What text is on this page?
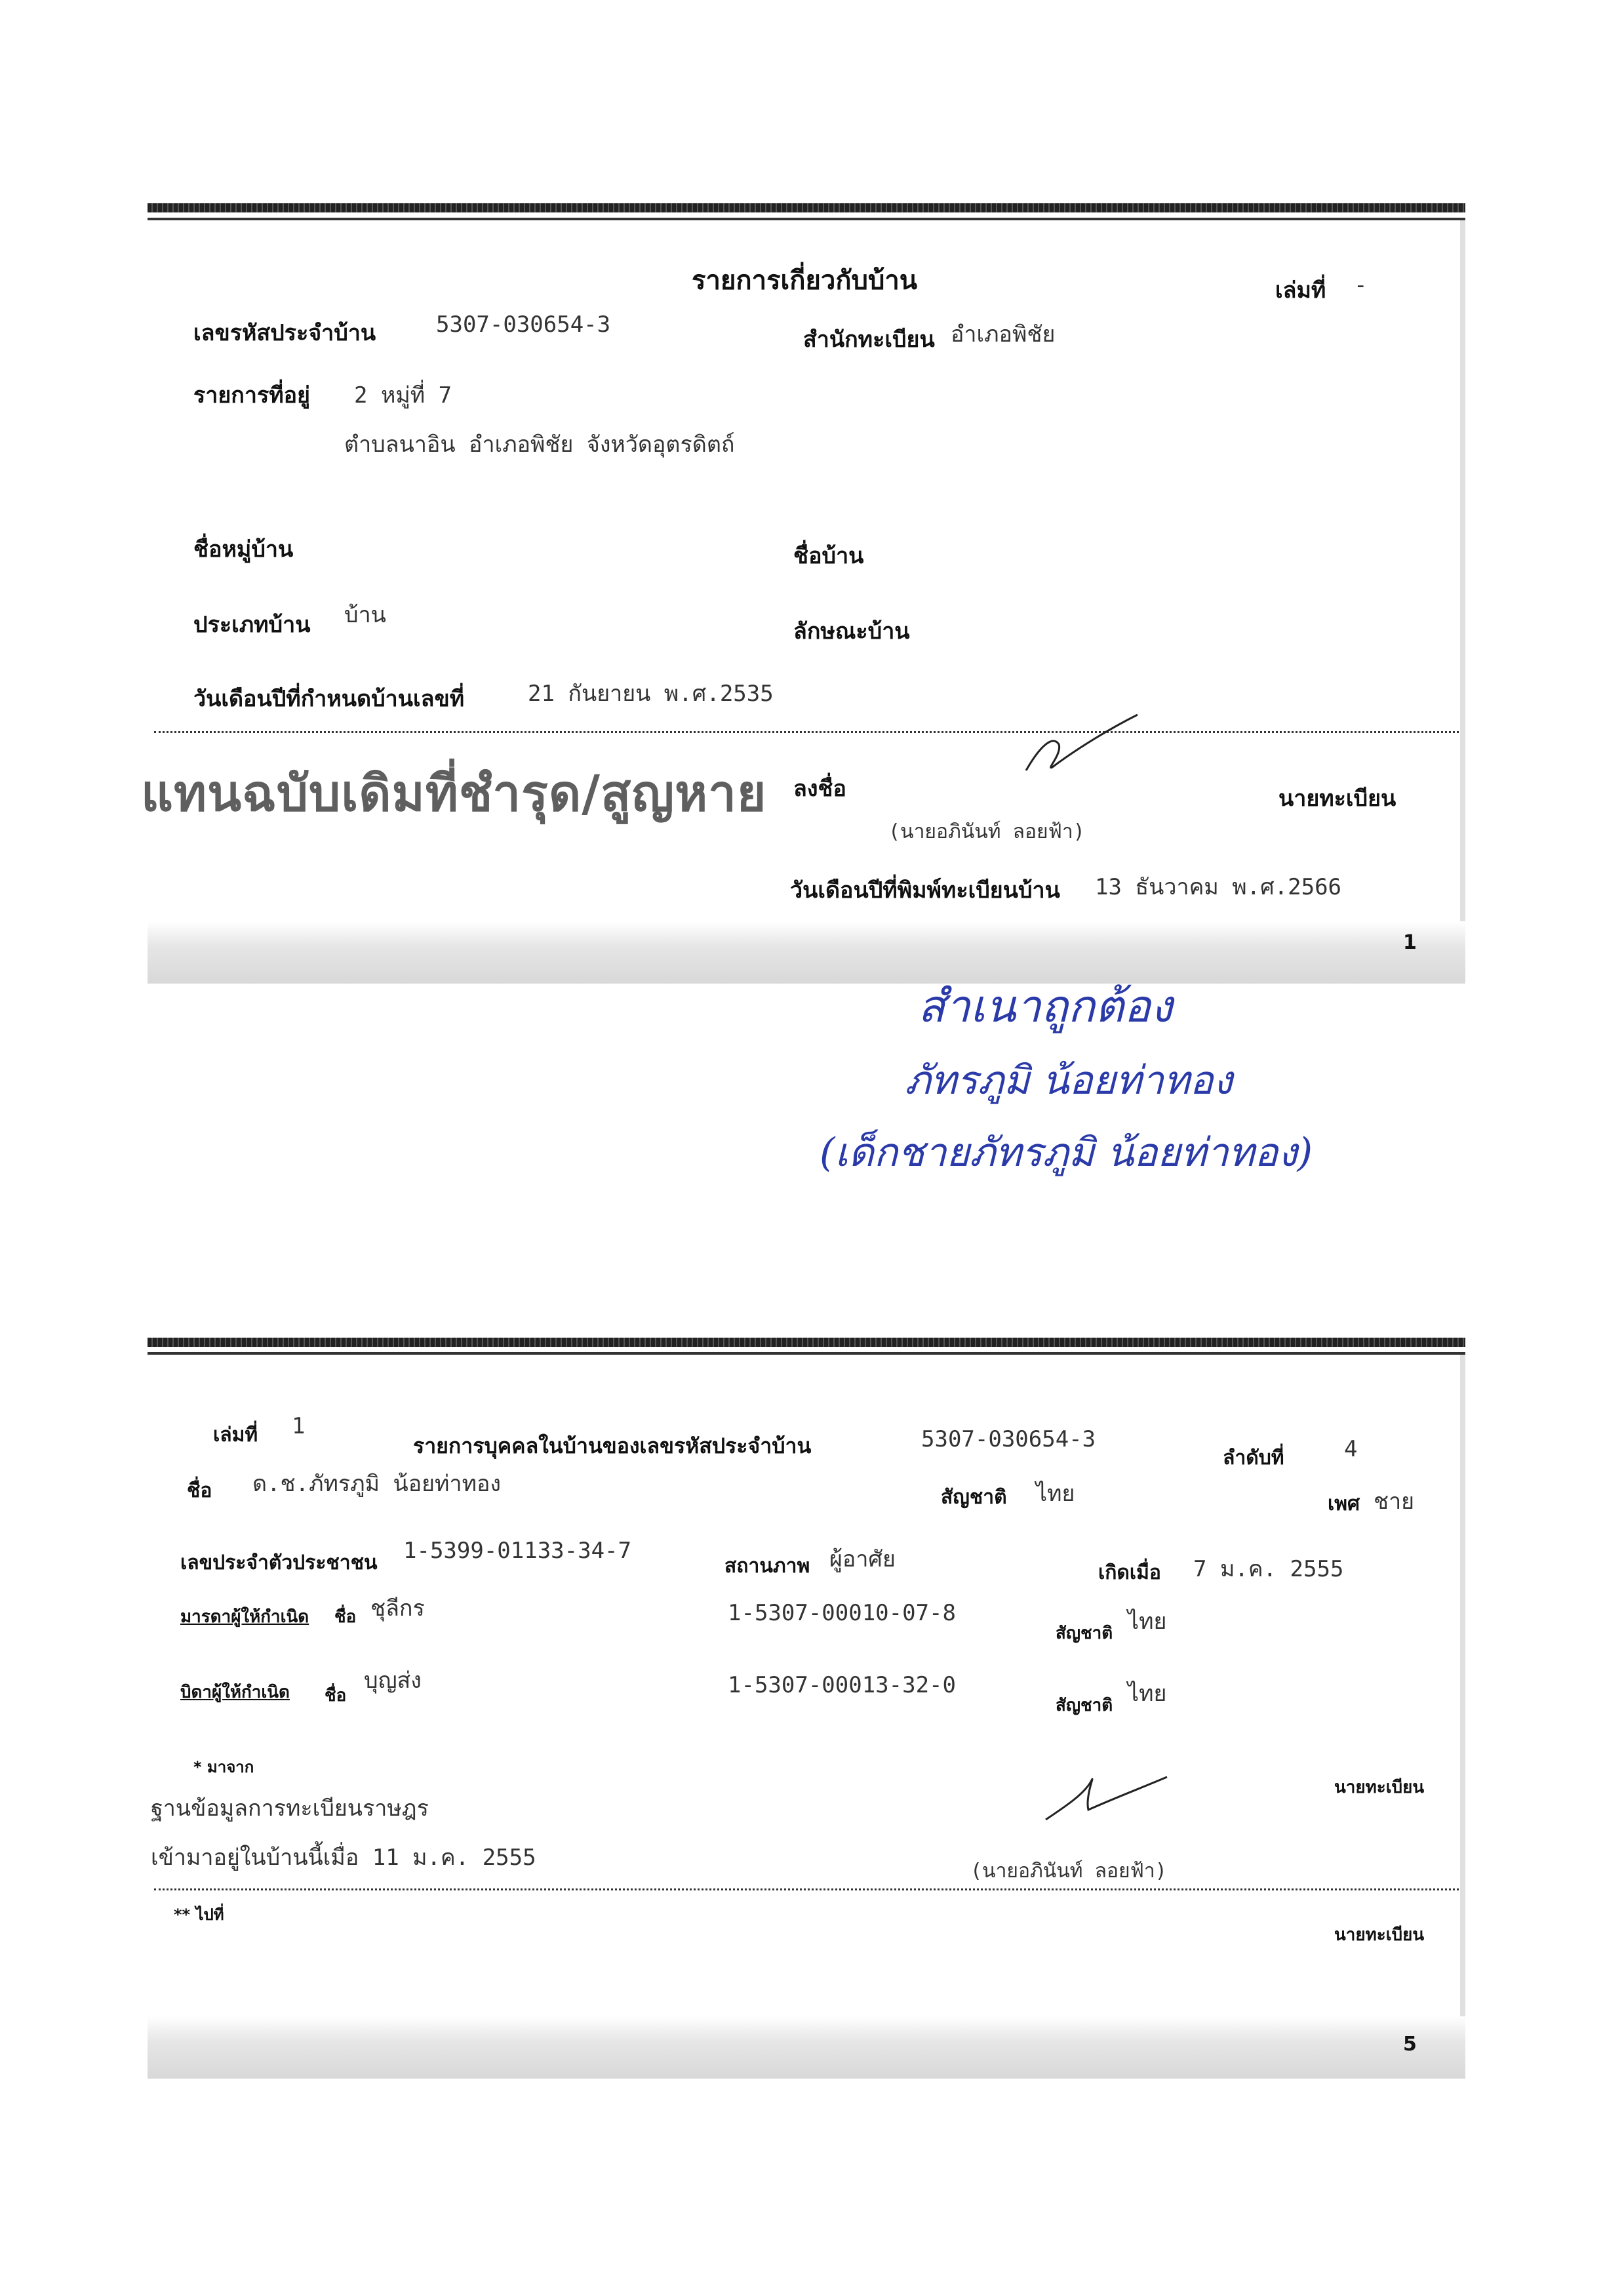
รายการเกี่ยวกับบ้าน	เล่มที่ -
เลขรหัสประจำบ้าน	5307-030654-3
สำนักทะเบียน อำเภอพิชัย
รายการที่อยู่ 2 หมู่ที่ 7
ตำบลนาอิน อำเภอพิชัย จังหวัดอุตรดิตถ์
ชื่อหมู่บ้าน	ชื่อบ้าน
ประเภทบ้าน บ้าน
ลักษณะบ้าน
วันเดือนปีที่กำหนดบ้านเลขที่	21 กันยายน พ.ศ.2535
แทนฉบับเดิมที่ชำรุด/สูญหาย ลงชื่อ	นายทะเบียน
(นายอภินันท์ ลอยฟ้า)
วันเดือนปีที่พิมพ์ทะเบียนบ้าน 13 ธันวาคม พ.ศ.2566
1
สำเนาถูกต้อง
ภัทรภูมิ น้อยท่าทอง
(เด็กชายภัทรภูมิ น้อยท่าทอง)
เล่มที่ 1
รายการบุคคลในบ้านของเลขรหัสประจำบ้าน	5307-030654-3
ลำดับที่	4
ชื่อ ด.ช.ภัทรภูมิ น้อยท่าทอง
สัญชาติ ไทย	เพศ ชาย
เลขประจำตัวประชาชน 1-5399-01133-34-7
สถานภาพ ผู้อาศัย
เกิดเมื่อ 7 ม.ค. 2555
มารดาผู้ให้กำเนิด ชื่อ ชุลีกร	1-5307-00010-07-8
สัญชาติ ไทย
บิดาผู้ให้กำเนิด ชื่อ
บุญส่ง	1-5307-00013-32-0
สัญชาติ ไทย
* มาจาก
ฐานข้อมูลการทะเบียนราษฎร
เข้ามาอยู่ในบ้านนี้เมื่อ 11 ม.ค. 2555
นายทะเบียน
(นายอภินันท์ ลอยฟ้า)
** ไปที่
นายทะเบียน
5
